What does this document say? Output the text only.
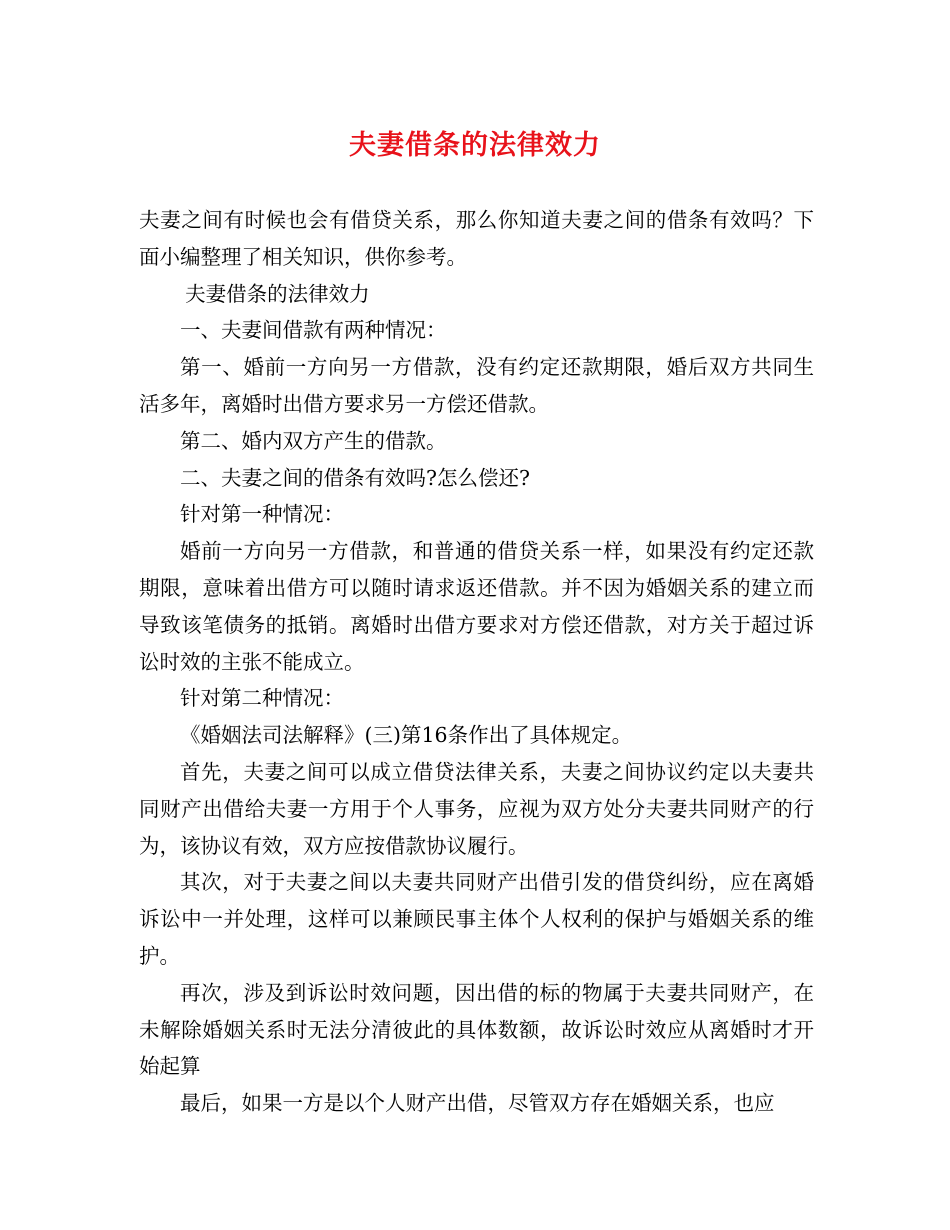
夫妻借条的法律效力

夫妻之间有时候也会有借贷关系，那么你知道夫妻之间的借条有效吗？下面小编整理了相关知识，供你参考。

夫妻借条的法律效力

一、夫妻间借款有两种情况：

第一、婚前一方向另一方借款，没有约定还款期限，婚后双方共同生活多年，离婚时出借方要求另一方偿还借款。

第二、婚内双方产生的借款。

二、夫妻之间的借条有效吗?怎么偿还?

针对第一种情况：

婚前一方向另一方借款，和普通的借贷关系一样，如果没有约定还款期限，意味着出借方可以随时请求返还借款。并不因为婚姻关系的建立而导致该笔债务的抵销。离婚时出借方要求对方偿还借款，对方关于超过诉讼时效的主张不能成立。

针对第二种情况：

《婚姻法司法解释》(三)第16条作出了具体规定。

首先，夫妻之间可以成立借贷法律关系，夫妻之间协议约定以夫妻共同财产出借给夫妻一方用于个人事务，应视为双方处分夫妻共同财产的行为，该协议有效，双方应按借款协议履行。

其次，对于夫妻之间以夫妻共同财产出借引发的借贷纠纷，应在离婚诉讼中一并处理，这样可以兼顾民事主体个人权利的保护与婚姻关系的维护。

再次，涉及到诉讼时效问题，因出借的标的物属于夫妻共同财产，在未解除婚姻关系时无法分清彼此的具体数额，故诉讼时效应从离婚时才开始起算

最后，如果一方是以个人财产出借，尽管双方存在婚姻关系，也应
